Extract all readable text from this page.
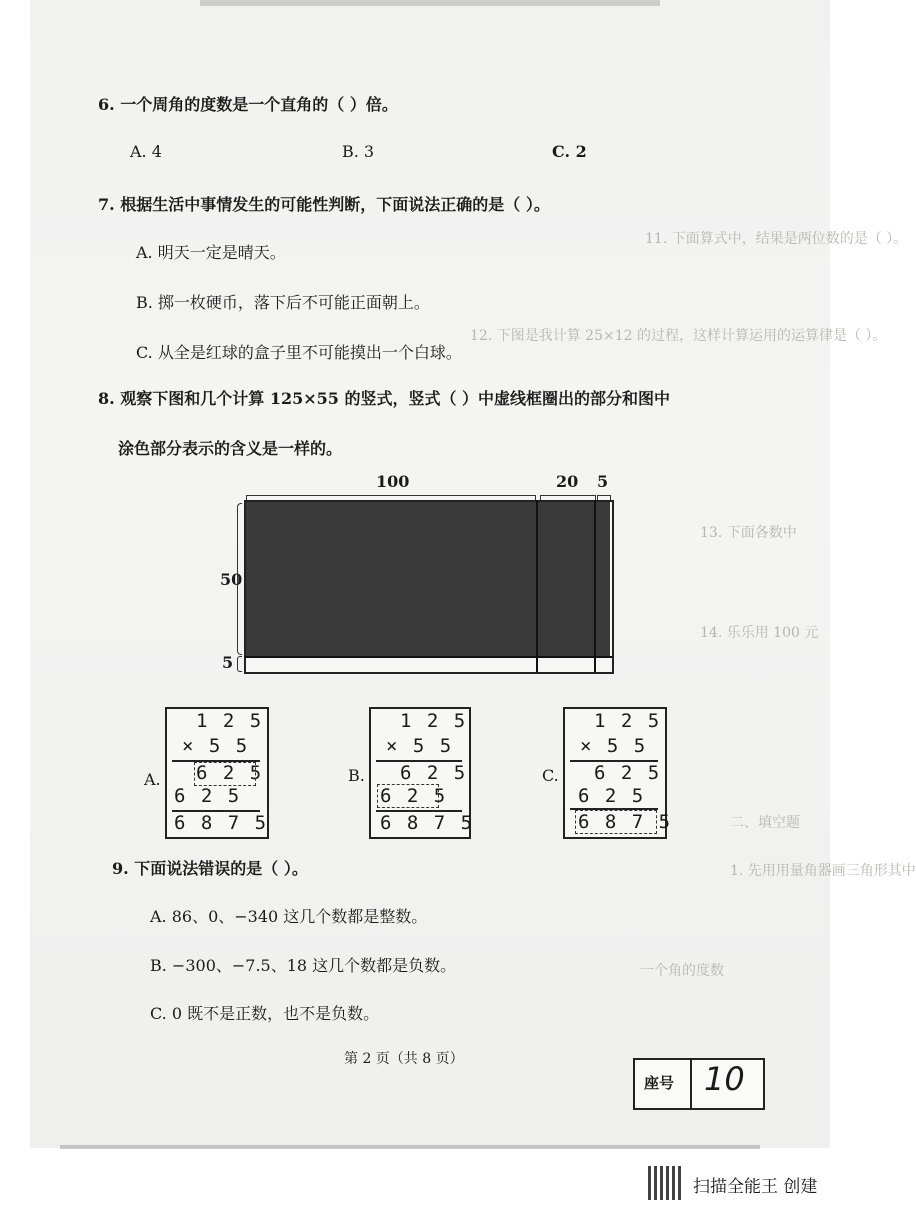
11. 下面算式中，结果是两位数的是（ ）。
12. 下图是我计算 25×12 的过程，这样计算运用的运算律是（ ）。
13. 下面各数中
14. 乐乐用 100 元
二、填空题
1. 先用用量角器画三角形其中
一个角的度数
6. 一个周角的度数是一个直角的（ ）倍。
A. 4	B. 3	C. 2
7. 根据生活中事情发生的可能性判断，下面说法正确的是（ ）。
A. 明天一定是晴天。
B. 掷一枚硬币，落下后不可能正面朝上。
C. 从全是红球的盒子里不可能摸出一个白球。
8. 观察下图和几个计算 125×55 的竖式，竖式（ ）中虚线框圈出的部分和图中
涂色部分表示的含义是一样的。
100	20 5
50
5
A.
1 2 5
× 5 5
6 2 5
6 2 5
6 8 7 5
B.
1 2 5
× 5 5
6 2 5
6 2 5
6 8 7 5
C.
1 2 5
× 5 5
6 2 5
6 2 5
6 8 7 5
9. 下面说法错误的是（ ）。
A. 86、0、−340 这几个数都是整数。
B. −300、−7.5、18 这几个数都是负数。
C. 0 既不是正数，也不是负数。
第 2 页（共 8 页）
座号 10
扫描全能王 创建
